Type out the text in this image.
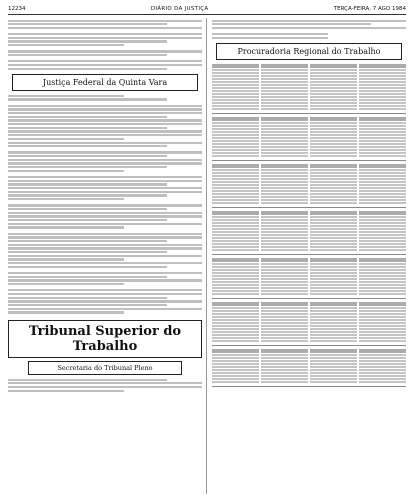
12234	DIÁRIO DA JUSTIÇA	TERÇA-FEIRA, 7 AGO 1984
Justiça Federal da Quinta Vara
Tribunal Superior do Trabalho
Secretaria do Tribunal Pleno
Procuradoria Regional do Trabalho
